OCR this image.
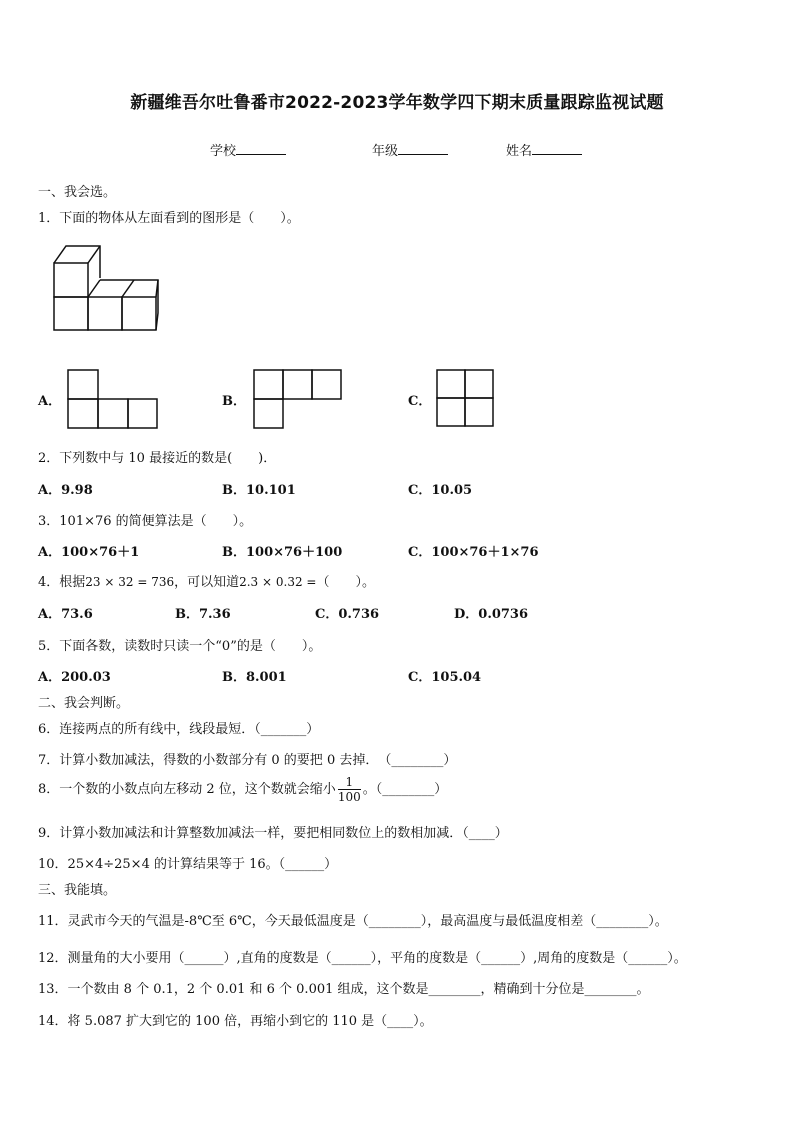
新疆维吾尔吐鲁番市2022-2023学年数学四下期末质量跟踪监视试题
学校	年级	姓名
一、我会选。
1．下面的物体从左面看到的图形是（　　）。
A．	B．	C．
2．下列数中与 10 最接近的数是(　　)．
A．9.98	B．10.101	C．10.05
3．101×76 的简便算法是（　　）。
A．100×76＋1	B．100×76＋100	C．100×76＋1×76
4．根据23 × 32 = 736，可以知道2.3 × 0.32 =（　　）。
A．73.6	B．7.36	C．0.736	D．0.0736
5．下面各数，读数时只读一个“0”的是（　　）。
A．200.03	B．8.001	C．105.04
二、我会判断。
6．连接两点的所有线中，线段最短．（_______）
7．计算小数加减法，得数的小数部分有 0 的要把 0 去掉．　（________）
8．一个数的小数点向左移动 2 位，这个数就会缩小 $\frac{1}{100}$ 。（________）
9．计算小数加减法和计算整数加减法一样，要把相同数位上的数相加减．（____）
10．25×4÷25×4 的计算结果等于 16。（______）
三、我能填。
11．灵武市今天的气温是-8℃至 6℃，今天最低温度是（________），最高温度与最低温度相差（________）。
12．测量角的大小要用（______）,直角的度数是（______），平角的度数是（______）,周角的度数是（______）。
13．一个数由 8 个 0.1，2 个 0.01 和 6 个 0.001 组成，这个数是________，精确到十分位是________。
14．将 5.087 扩大到它的 100 倍，再缩小到它的 110 是（____）。
